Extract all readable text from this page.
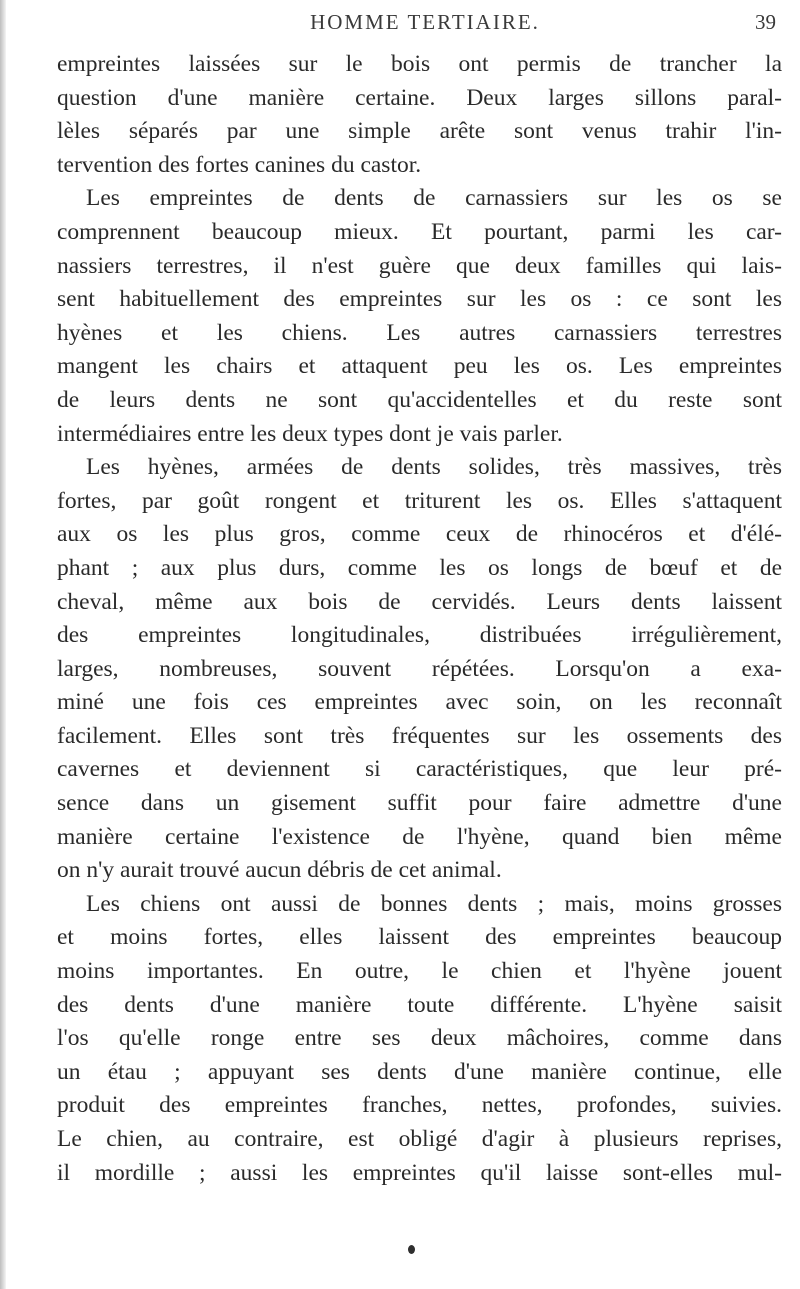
HOMME TERTIAIRE.	39
empreintes laissées sur le bois ont permis de trancher la
question d'une manière certaine. Deux larges sillons paral-
lèles séparés par une simple arête sont venus trahir l'in-
tervention des fortes canines du castor.
Les empreintes de dents de carnassiers sur les os se
comprennent beaucoup mieux. Et pourtant, parmi les car-
nassiers terrestres, il n'est guère que deux familles qui lais-
sent habituellement des empreintes sur les os : ce sont les
hyènes et les chiens. Les autres carnassiers terrestres
mangent les chairs et attaquent peu les os. Les empreintes
de leurs dents ne sont qu'accidentelles et du reste sont
intermédiaires entre les deux types dont je vais parler.
Les hyènes, armées de dents solides, très massives, très
fortes, par goût rongent et triturent les os. Elles s'attaquent
aux os les plus gros, comme ceux de rhinocéros et d'élé-
phant ; aux plus durs, comme les os longs de bœuf et de
cheval, même aux bois de cervidés. Leurs dents laissent
des empreintes longitudinales, distribuées irrégulièrement,
larges, nombreuses, souvent répétées. Lorsqu'on a exa-
miné une fois ces empreintes avec soin, on les reconnaît
facilement. Elles sont très fréquentes sur les ossements des
cavernes et deviennent si caractéristiques, que leur pré-
sence dans un gisement suffit pour faire admettre d'une
manière certaine l'existence de l'hyène, quand bien même
on n'y aurait trouvé aucun débris de cet animal.
Les chiens ont aussi de bonnes dents ; mais, moins grosses
et moins fortes, elles laissent des empreintes beaucoup
moins importantes. En outre, le chien et l'hyène jouent
des dents d'une manière toute différente. L'hyène saisit
l'os qu'elle ronge entre ses deux mâchoires, comme dans
un étau ; appuyant ses dents d'une manière continue, elle
produit des empreintes franches, nettes, profondes, suivies.
Le chien, au contraire, est obligé d'agir à plusieurs reprises,
il mordille ; aussi les empreintes qu'il laisse sont-elles mul-
